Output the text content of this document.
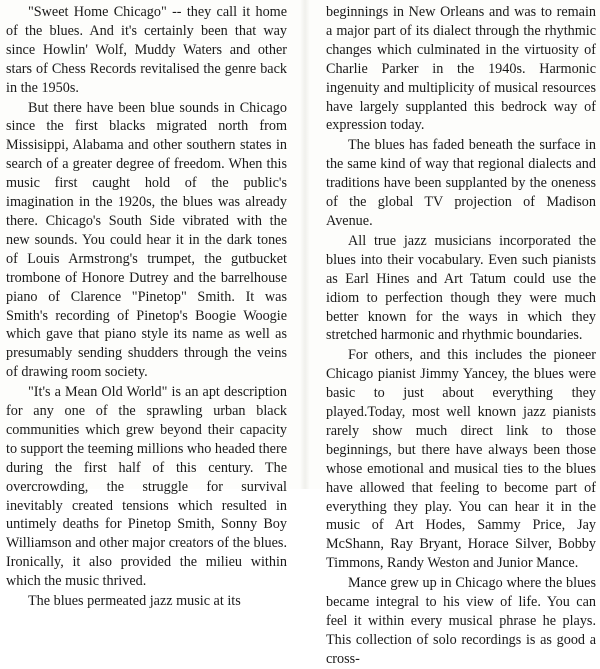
"Sweet Home Chicago" -- they call it home of the blues. And it's certainly been that way since Howlin' Wolf, Muddy Waters and other stars of Chess Records revitalised the genre back in the 1950s.

But there have been blue sounds in Chicago since the first blacks migrated north from Missisippi, Alabama and other southern states in search of a greater degree of freedom. When this music first caught hold of the public's imagination in the 1920s, the blues was already there. Chicago's South Side vibrated with the new sounds. You could hear it in the dark tones of Louis Armstrong's trumpet, the gutbucket trombone of Honore Dutrey and the barrelhouse piano of Clarence "Pinetop" Smith. It was Smith's recording of Pinetop's Boogie Woogie which gave that piano style its name as well as presumably sending shudders through the veins of drawing room society.

"It's a Mean Old World" is an apt description for any one of the sprawling urban black communities which grew beyond their capacity to support the teeming millions who headed there during the first half of this century. The overcrowding, the struggle for survival inevitably created tensions which resulted in untimely deaths for Pinetop Smith, Sonny Boy Williamson and other major creators of the blues. Ironically, it also provided the milieu within which the music thrived.

The blues permeated jazz music at its

beginnings in New Orleans and was to remain a major part of its dialect through the rhythmic changes which culminated in the virtuosity of Charlie Parker in the 1940s. Harmonic ingenuity and multiplicity of musical resources have largely supplanted this bedrock way of expression today.

The blues has faded beneath the surface in the same kind of way that regional dialects and traditions have been supplanted by the oneness of the global TV projection of Madison Avenue.

All true jazz musicians incorporated the blues into their vocabulary. Even such pianists as Earl Hines and Art Tatum could use the idiom to perfection though they were much better known for the ways in which they stretched harmonic and rhythmic boundaries.

For others, and this includes the pioneer Chicago pianist Jimmy Yancey, the blues were basic to just about everything they played.Today, most well known jazz pianists rarely show much direct link to those beginnings, but there have always been those whose emotional and musical ties to the blues have allowed that feeling to become part of everything they play. You can hear it in the music of Art Hodes, Sammy Price, Jay McShann, Ray Bryant, Horace Silver, Bobby Timmons, Randy Weston and Junior Mance.

Mance grew up in Chicago where the blues became integral to his view of life. You can feel it within every musical phrase he plays. This collection of solo recordings is as good a cross-
